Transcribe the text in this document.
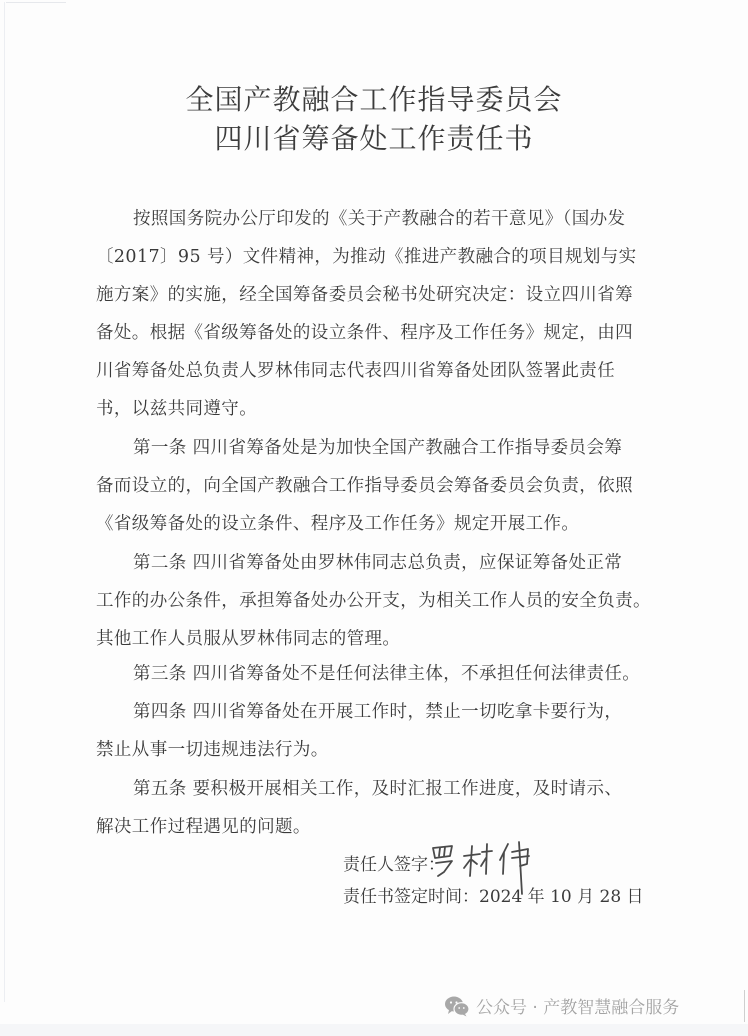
全国产教融合工作指导委员会
四川省筹备处工作责任书
按照国务院办公厅印发的《关于产教融合的若干意见》（国办发
〔2017〕95 号）文件精神，为推动《推进产教融合的项目规划与实
施方案》的实施，经全国筹备委员会秘书处研究决定：设立四川省筹
备处。根据《省级筹备处的设立条件、程序及工作任务》规定，由四
川省筹备处总负责人罗林伟同志代表四川省筹备处团队签署此责任
书，以兹共同遵守。
第一条 四川省筹备处是为加快全国产教融合工作指导委员会筹
备而设立的，向全国产教融合工作指导委员会筹备委员会负责，依照
《省级筹备处的设立条件、程序及工作任务》规定开展工作。
第二条 四川省筹备处由罗林伟同志总负责，应保证筹备处正常
工作的办公条件，承担筹备处办公开支，为相关工作人员的安全负责。
其他工作人员服从罗林伟同志的管理。
第三条 四川省筹备处不是任何法律主体，不承担任何法律责任。
第四条 四川省筹备处在开展工作时，禁止一切吃拿卡要行为，
禁止从事一切违规违法行为。
第五条 要积极开展相关工作，及时汇报工作进度，及时请示、
解决工作过程遇见的问题。
责任人签字：
责任书签定时间： 2024 年 10 月 28 日
公众号 · 产教智慧融合服务
